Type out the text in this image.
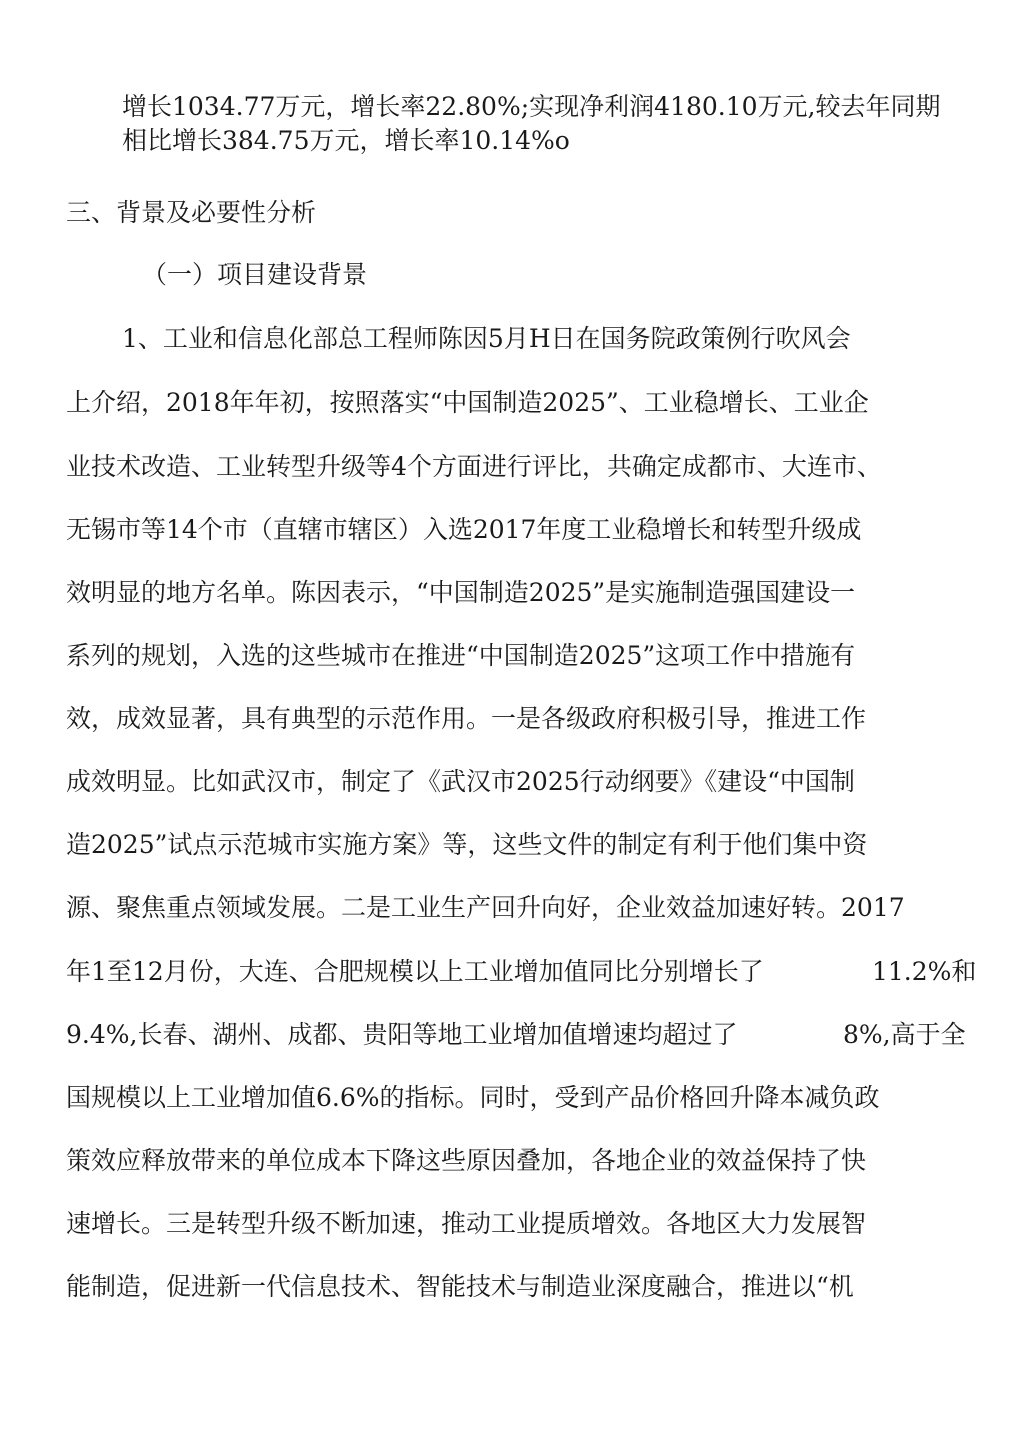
增长1034.77万元，增长率22.80%;实现净利润4180.10万元,较去年同期
相比增长384.75万元，增长率10.14%o
三、背景及必要性分析
（一）项目建设背景
1、工业和信息化部总工程师陈因5月H日在国务院政策例行吹风会
上介绍，2018年年初，按照落实“中国制造2025”、工业稳增长、工业企
业技术改造、工业转型升级等4个方面进行评比，共确定成都市、大连市、
无锡市等14个市（直辖市辖区）入选2017年度工业稳增长和转型升级成
效明显的地方名单。陈因表示，“中国制造2025”是实施制造强国建设一
系列的规划，入选的这些城市在推进“中国制造2025”这项工作中措施有
效，成效显著，具有典型的示范作用。一是各级政府积极引导，推进工作
成效明显。比如武汉市，制定了《武汉市2025行动纲要》《建设“中国制
造2025”试点示范城市实施方案》等，这些文件的制定有利于他们集中资
源、聚焦重点领域发展。二是工业生产回升向好，企业效益加速好转。2017
年1至12月份，大连、合肥规模以上工业增加值同比分别增长了	11.2%和
9.4%,长春、湖州、成都、贵阳等地工业增加值增速均超过了	8%,高于全
国规模以上工业增加值6.6%的指标。同时，受到产品价格回升降本减负政
策效应释放带来的单位成本下降这些原因叠加，各地企业的效益保持了快
速增长。三是转型升级不断加速，推动工业提质增效。各地区大力发展智
能制造，促进新一代信息技术、智能技术与制造业深度融合，推进以“机
